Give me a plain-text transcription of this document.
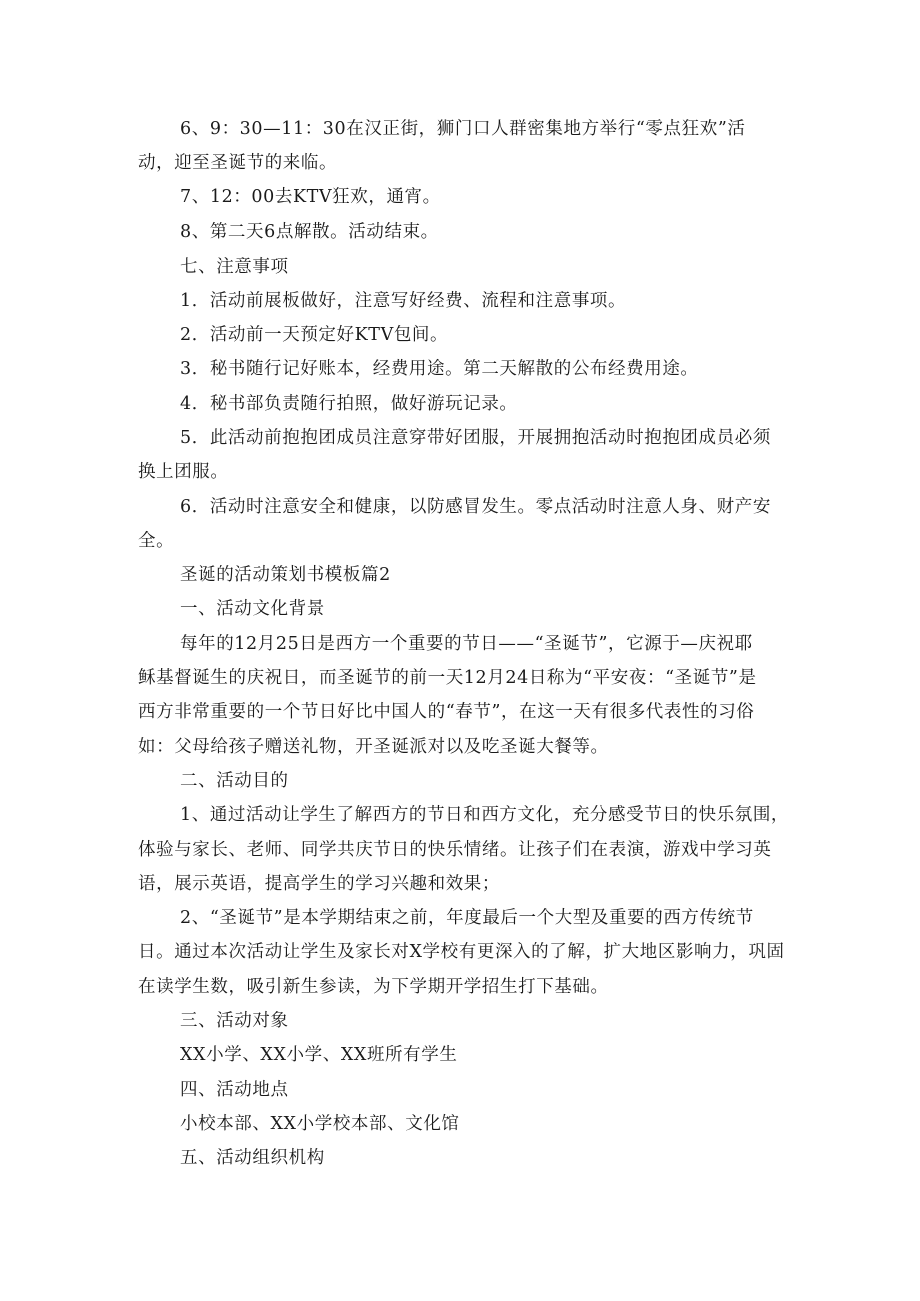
6、9：30—11：30在汉正街，狮门口人群密集地方举行“零点狂欢”活
动，迎至圣诞节的来临。
7、12：00去KTV狂欢，通宵。
8、第二天6点解散。活动结束。
七、注意事项
1．活动前展板做好，注意写好经费、流程和注意事项。
2．活动前一天预定好KTV包间。
3．秘书随行记好账本，经费用途。第二天解散的公布经费用途。
4．秘书部负责随行拍照，做好游玩记录。
5．此活动前抱抱团成员注意穿带好团服，开展拥抱活动时抱抱团成员必须
换上团服。
6．活动时注意安全和健康，以防感冒发生。零点活动时注意人身、财产安
全。
圣诞的活动策划书模板篇2
一、活动文化背景
每年的12月25日是西方一个重要的节日——“圣诞节”，它源于—庆祝耶
稣基督诞生的庆祝日，而圣诞节的前一天12月24日称为“平安夜：“圣诞节”是
西方非常重要的一个节日好比中国人的“春节”，在这一天有很多代表性的习俗
如：父母给孩子赠送礼物，开圣诞派对以及吃圣诞大餐等。
二、活动目的
1、通过活动让学生了解西方的节日和西方文化，充分感受节日的快乐氛围，
体验与家长、老师、同学共庆节日的快乐情绪。让孩子们在表演，游戏中学习英
语，展示英语，提高学生的学习兴趣和效果；
2、“圣诞节”是本学期结束之前，年度最后一个大型及重要的西方传统节
日。通过本次活动让学生及家长对X学校有更深入的了解，扩大地区影响力，巩固
在读学生数，吸引新生参读，为下学期开学招生打下基础。
三、活动对象
XX小学、XX小学、XX班所有学生
四、活动地点
小校本部、XX小学校本部、文化馆
五、活动组织机构
